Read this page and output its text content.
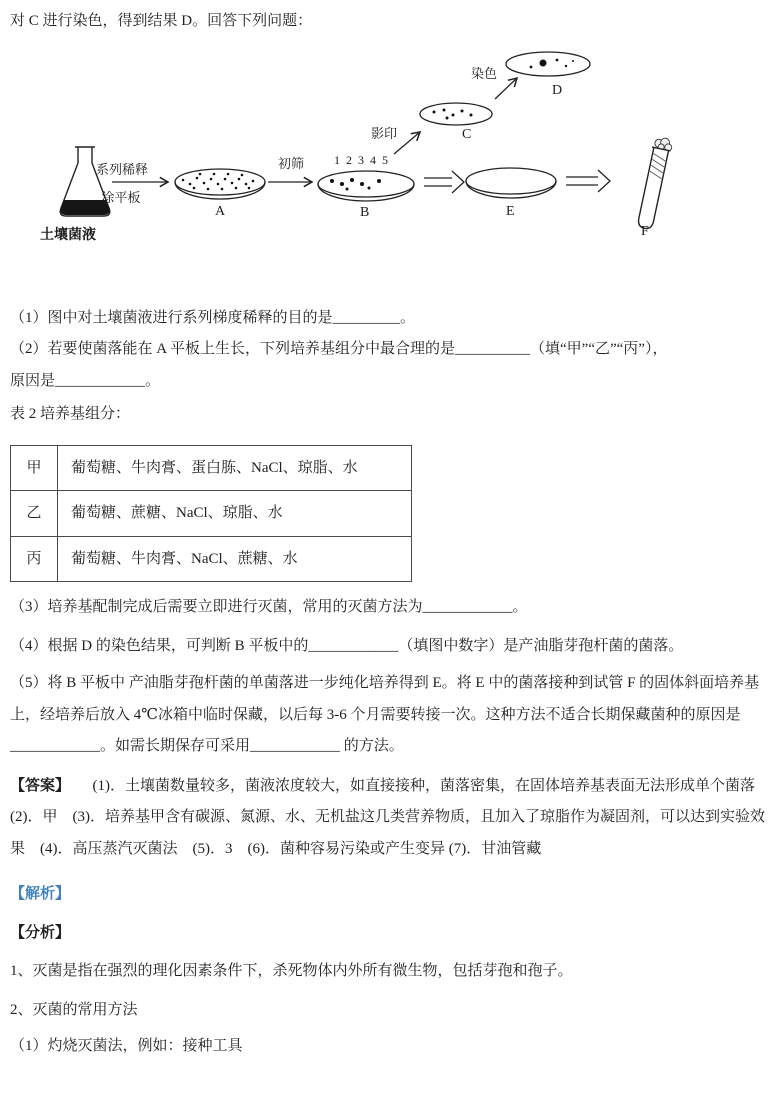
对 C 进行染色，得到结果 D。回答下列问题：
土壤菌液
系列稀释
涂平板
A
初筛 1 2 3 4 5
B
影印	C
染色
D
E
F
（1）图中对土壤菌液进行系列梯度稀释的目的是_________。
（2）若要使菌落能在 A 平板上生长，下列培养基组分中最合理的是__________（填“甲”“乙”“丙”），
原因是____________。
表 2 培养基组分：
甲	葡萄糖、牛肉膏、蛋白胨、NaCl、琼脂、水
乙	葡萄糖、蔗糖、NaCl、琼脂、水
丙	葡萄糖、牛肉膏、NaCl、蔗糖、水
（3）培养基配制完成后需要立即进行灭菌，常用的灭菌方法为____________。
（4）根据 D 的染色结果，可判断 B 平板中的____________（填图中数字）是产油脂芽孢杆菌的菌落。
（5）将 B 平板中 产油脂芽孢杆菌的单菌落进一步纯化培养得到 E。将 E 中的菌落接种到试管 F 的固体斜面培养基上，经培养后放入 4℃冰箱中临时保藏，以后每 3-6 个月需要转接一次。这种方法不适合长期保藏菌种的原因是____________。如需长期保存可采用____________ 的方法。
【答案】　　(1)．土壤菌数量较多，菌液浓度较大，如直接接种，菌落密集，在固体培养基表面无法形成单个菌落　(2)．甲　(3)．培养基甲含有碳源、氮源、水、无机盐这几类营养物质，且加入了琼脂作为凝固剂，可以达到实验效果　(4)．高压蒸汽灭菌法　(5)．3　(6)．菌种容易污染或产生变异 (7)．甘油管藏
【解析】
【分析】
1、灭菌是指在强烈的理化因素条件下，杀死物体内外所有微生物，包括芽孢和孢子。
2、灭菌的常用方法
（1）灼烧灭菌法，例如：接种工具
